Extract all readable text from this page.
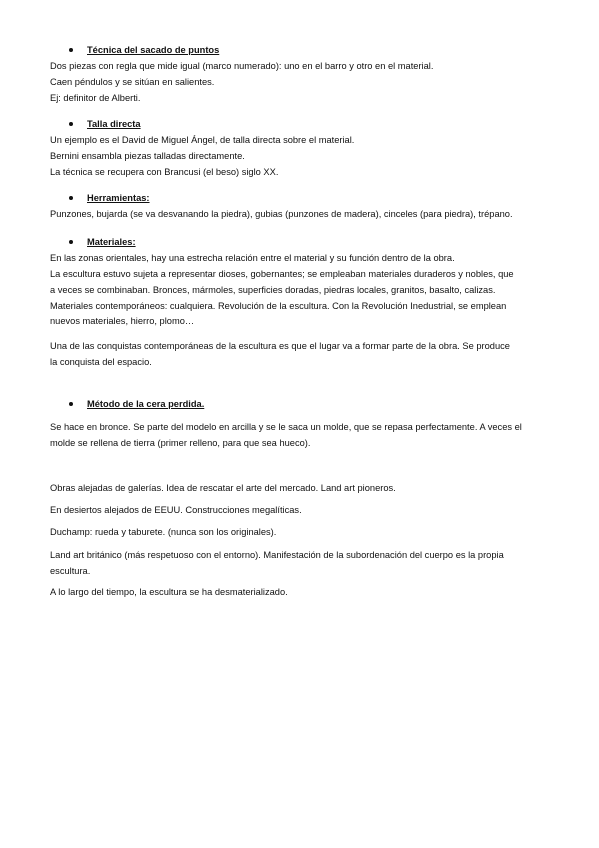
Técnica del sacado de puntos
Dos piezas con regla que mide igual (marco numerado): uno en el barro y otro en el material.
Caen péndulos y se sitúan en salientes.
Ej: definitor de Alberti.
Talla directa
Un ejemplo es el David de Miguel Ángel, de talla directa sobre el material.
Bernini ensambla piezas talladas directamente.
La técnica se recupera con Brancusi (el beso) siglo XX.
Herramientas:
Punzones, bujarda (se va desvanando la piedra), gubias (punzones de madera), cinceles (para piedra), trépano.
Materiales:
En las zonas orientales, hay una estrecha relación entre el material y su función dentro de la obra.
La escultura estuvo sujeta a representar dioses, gobernantes; se empleaban materiales duraderos y nobles, que
a veces se combinaban. Bronces, mármoles, superficies doradas, piedras locales, granitos, basalto, calizas.
Materiales contemporáneos: cualquiera. Revolución de la escultura. Con la Revolución Inedustrial, se emplean
nuevos materiales, hierro, plomo…
Una de las conquistas contemporáneas de la escultura es que el lugar va a formar parte de la obra. Se produce
la conquista del espacio.
Método de la cera perdida.
Se hace en bronce. Se parte del modelo en arcilla y se le saca un molde, que se repasa perfectamente. A veces el
molde se rellena de tierra (primer relleno, para que sea hueco).
Obras alejadas de galerías. Idea de rescatar el arte del mercado. Land art pioneros.
En desiertos alejados de EEUU. Construcciones megalíticas.
Duchamp: rueda y taburete. (nunca son los originales).
Land art británico (más respetuoso con el entorno). Manifestación de la subordenación del cuerpo es la propia
escultura.
A lo largo del tiempo, la escultura se ha desmaterializado.
